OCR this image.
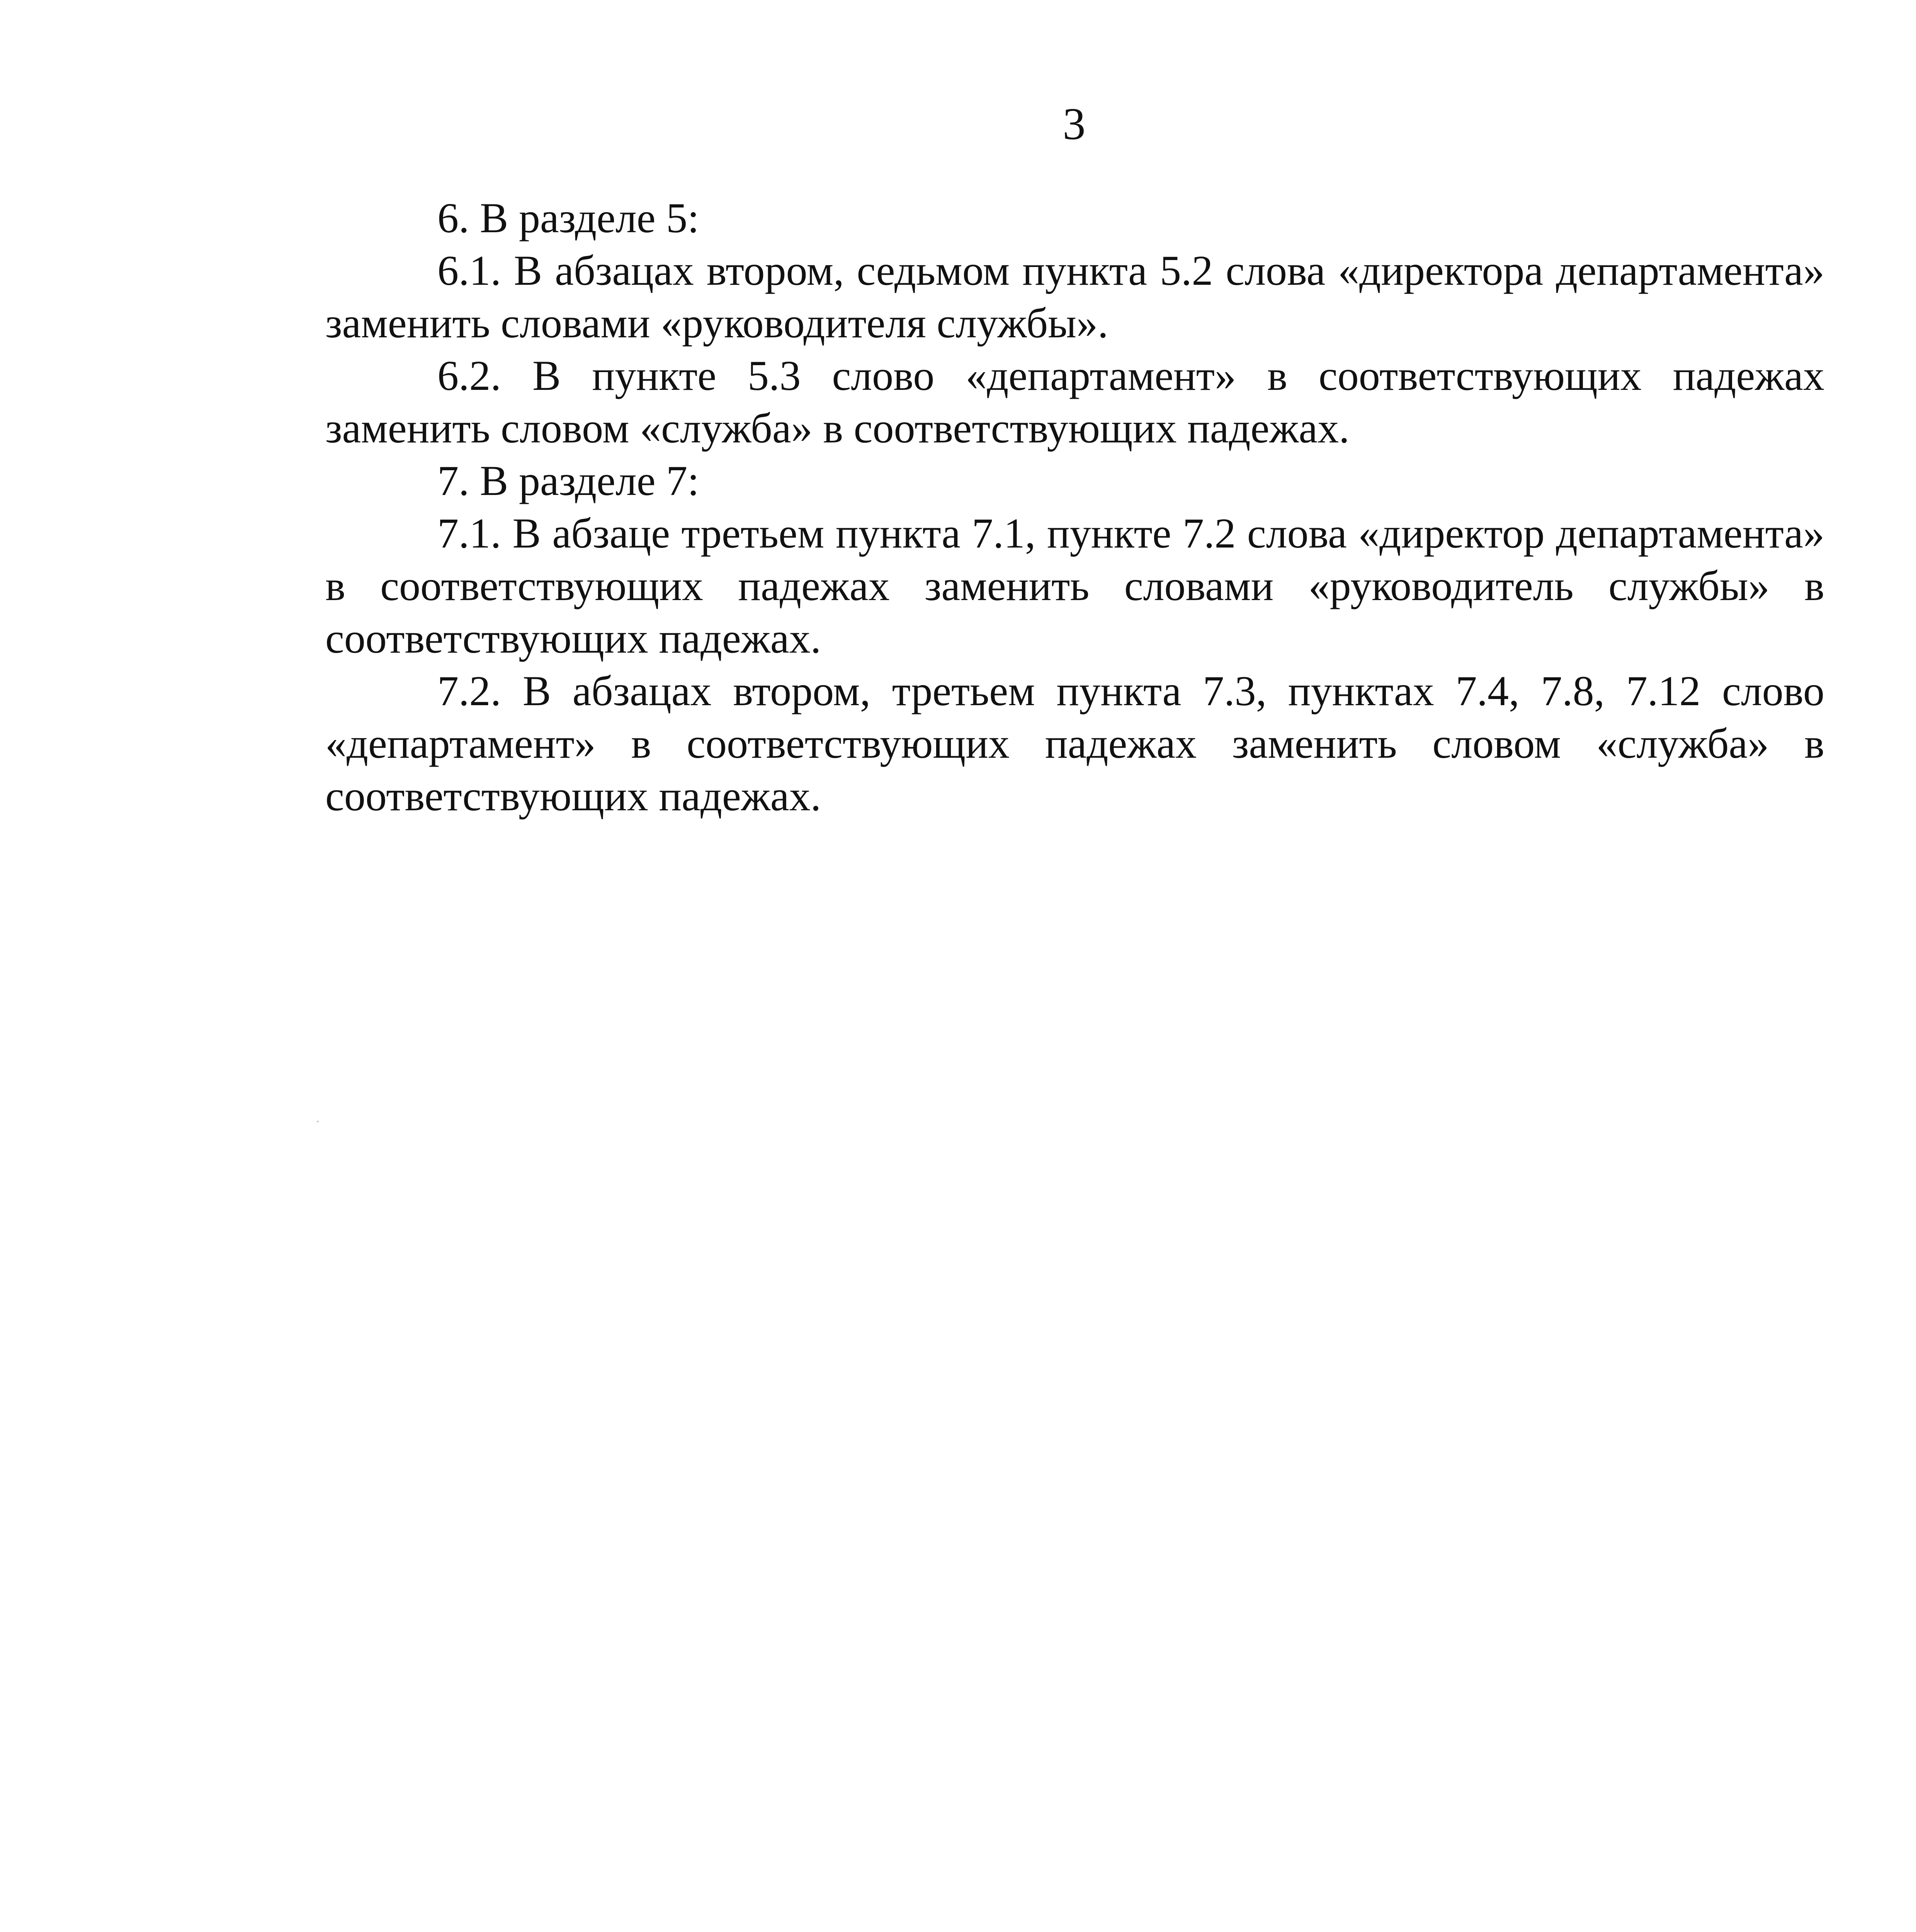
3

6. В разделе 5:

6.1. В абзацах втором, седьмом пункта 5.2 слова «директора департамента» заменить словами «руководителя службы».

6.2. В пункте 5.3 слово «департамент» в соответствующих падежах заменить словом «служба» в соответствующих падежах.

7. В разделе 7:

7.1. В абзаце третьем пункта 7.1, пункте 7.2 слова «директор департамента» в соответствующих падежах заменить словами «руководитель службы» в соответствующих падежах.

7.2. В абзацах втором, третьем пункта 7.3, пунктах 7.4, 7.8, 7.12 слово «департамент» в соответствующих падежах заменить словом «служба» в соответствующих падежах.
